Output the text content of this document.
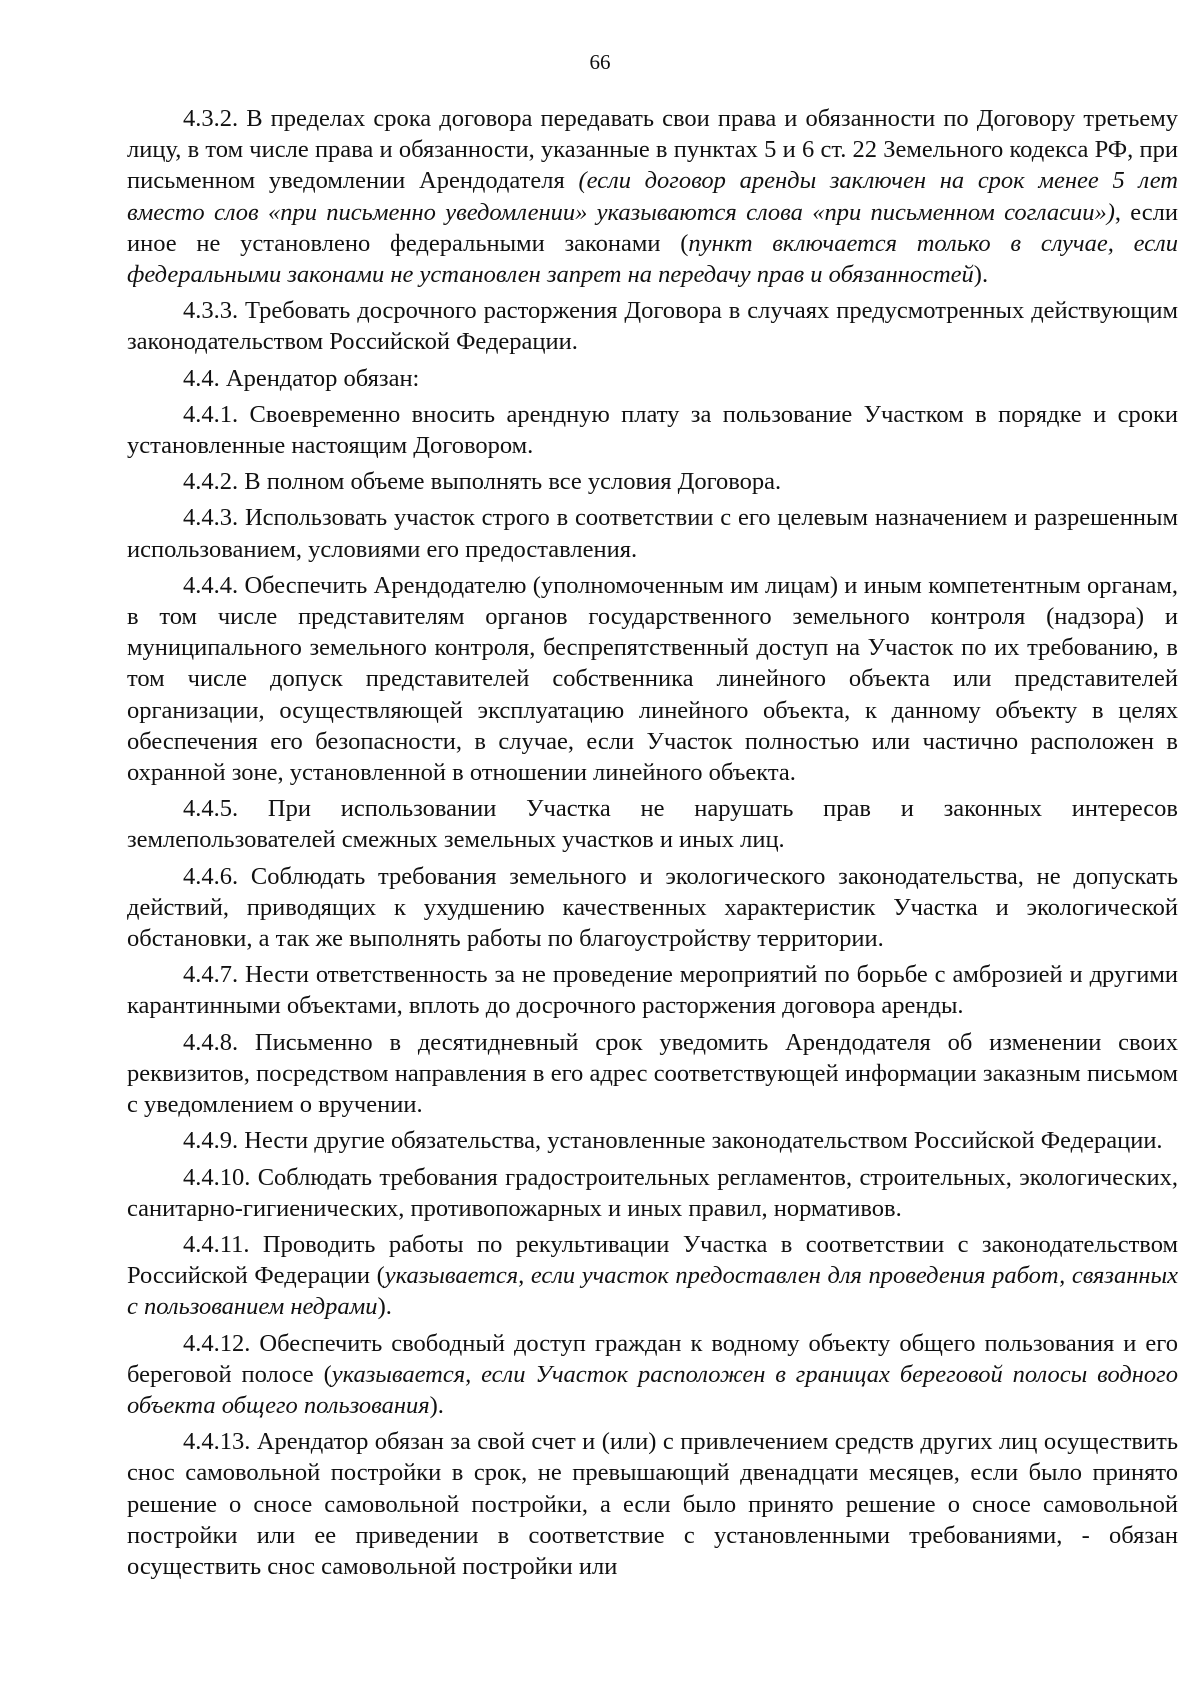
66

4.3.2. В пределах срока договора передавать свои права и обязанности по Договору третьему лицу, в том числе права и обязанности, указанные в пунктах 5 и 6 ст. 22 Земельного кодекса РФ, при письменном уведомлении Арендодателя (если договор аренды заключен на срок менее 5 лет вместо слов «при письменно уведомлении» указываются слова «при письменном согласии»), если иное не установлено федеральными законами (пункт включается только в случае, если федеральными законами не установлен запрет на передачу прав и обязанностей).

4.3.3. Требовать досрочного расторжения Договора в случаях предусмотренных действующим законодательством Российской Федерации.

4.4. Арендатор обязан:

4.4.1. Своевременно вносить арендную плату за пользование Участком в порядке и сроки установленные настоящим Договором.

4.4.2. В полном объеме выполнять все условия Договора.

4.4.3. Использовать участок строго в соответствии с его целевым назначением и разрешенным использованием, условиями его предоставления.

4.4.4. Обеспечить Арендодателю (уполномоченным им лицам) и иным компетентным органам, в том числе представителям органов государственного земельного контроля (надзора) и муниципального земельного контроля, беспрепятственный доступ на Участок по их требованию, в том числе допуск представителей собственника линейного объекта или представителей организации, осуществляющей эксплуатацию линейного объекта, к данному объекту в целях обеспечения его безопасности, в случае, если Участок полностью или частично расположен в охранной зоне, установленной в отношении линейного объекта.

4.4.5. При использовании Участка не нарушать прав и законных интересов землепользователей смежных земельных участков и иных лиц.

4.4.6. Соблюдать требования земельного и экологического законодательства, не допускать действий, приводящих к ухудшению качественных характеристик Участка и экологической обстановки, а так же выполнять работы по благоустройству территории.

4.4.7. Нести ответственность за не проведение мероприятий по борьбе с амброзией и другими карантинными объектами, вплоть до досрочного расторжения договора аренды.

4.4.8. Письменно в десятидневный срок уведомить Арендодателя об изменении своих реквизитов, посредством направления в его адрес соответствующей информации заказным письмом с уведомлением о вручении.

4.4.9. Нести другие обязательства, установленные законодательством Российской Федерации.

4.4.10. Соблюдать требования градостроительных регламентов, строительных, экологических, санитарно-гигиенических, противопожарных и иных правил, нормативов.

4.4.11. Проводить работы по рекультивации Участка в соответствии с законодательством Российской Федерации (указывается, если участок предоставлен для проведения работ, связанных с пользованием недрами).

4.4.12. Обеспечить свободный доступ граждан к водному объекту общего пользования и его береговой полосе (указывается, если Участок расположен в границах береговой полосы водного объекта общего пользования).

4.4.13. Арендатор обязан за свой счет и (или) с привлечением средств других лиц осуществить снос самовольной постройки в срок, не превышающий двенадцати месяцев, если было принято решение о сносе самовольной постройки, а если было принято решение о сносе самовольной постройки или ее приведении в соответствие с установленными требованиями, - обязан осуществить снос самовольной постройки или
